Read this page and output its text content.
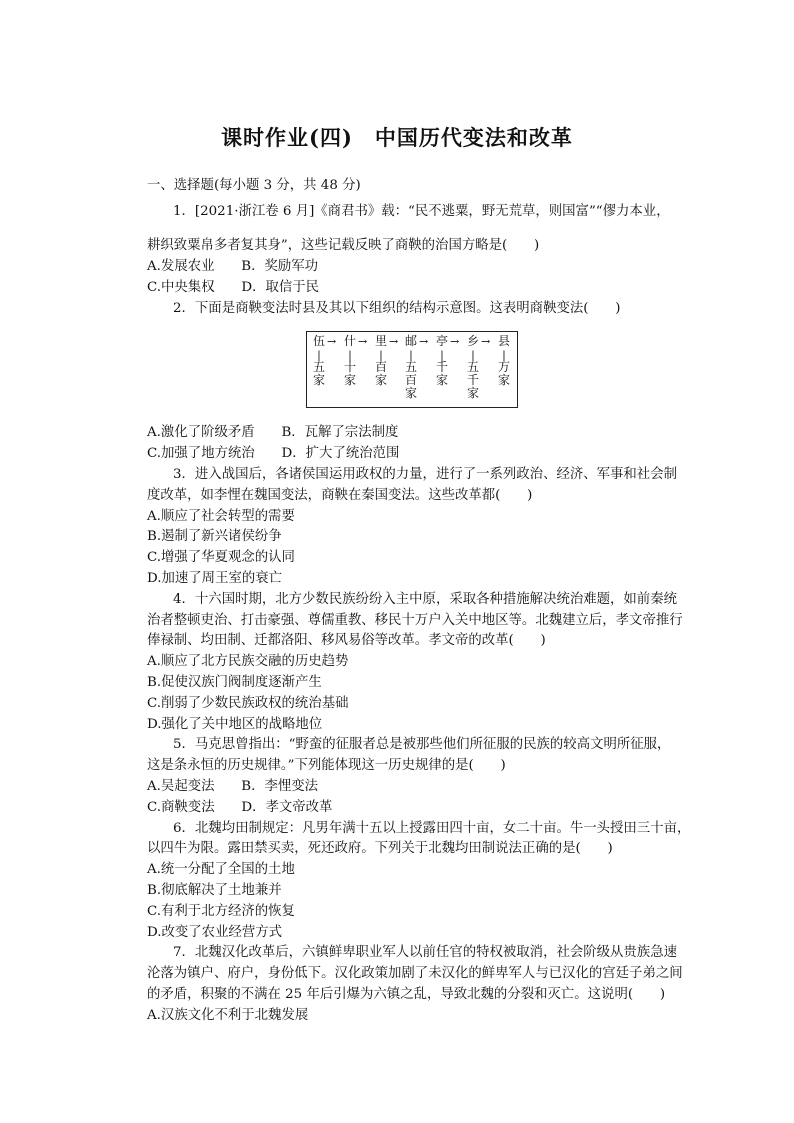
课时作业(四)　中国历代变法和改革
一、选择题(每小题 3 分，共 48 分)
1．[2021·浙江卷 6 月]《商君书》载：“民不逃粟，野无荒草，则国富”“僇力本业，
耕织致粟帛多者复其身”，这些记载反映了商鞅的治国方略是(　　)
A.发展农业　　B．奖励军功
C.中央集权　　D．取信于民
2．下面是商鞅变法时县及其以下组织的结构示意图。这表明商鞅变法(　　)
伍
|
五
家
→ 什
|
十
家
→ 里
|
百
家
→ 邮
|
五
百
家
→ 亭
|
千
家
→ 乡
|
五
千
家
→ 县
|
万
家
A.激化了阶级矛盾　　B．瓦解了宗法制度
C.加强了地方统治　　D．扩大了统治范围
3．进入战国后，各诸侯国运用政权的力量，进行了一系列政治、经济、军事和社会制
度改革，如李悝在魏国变法，商鞅在秦国变法。这些改革都(　　)
A.顺应了社会转型的需要
B.遏制了新兴诸侯纷争
C.增强了华夏观念的认同
D.加速了周王室的衰亡
4．十六国时期，北方少数民族纷纷入主中原，采取各种措施解决统治难题，如前秦统
治者整顿吏治、打击豪强、尊儒重教、移民十万户入关中地区等。北魏建立后，孝文帝推行
俸禄制、均田制、迁都洛阳、移风易俗等改革。孝文帝的改革(　　)
A.顺应了北方民族交融的历史趋势
B.促使汉族门阀制度逐渐产生
C.削弱了少数民族政权的统治基础
D.强化了关中地区的战略地位
5．马克思曾指出：“野蛮的征服者总是被那些他们所征服的民族的较高文明所征服，
这是条永恒的历史规律。”下列能体现这一历史规律的是(　　)
A.吴起变法　　B．李悝变法
C.商鞅变法　　D．孝文帝改革
6．北魏均田制规定：凡男年满十五以上授露田四十亩，女二十亩。牛一头授田三十亩，
以四牛为限。露田禁买卖，死还政府。下列关于北魏均田制说法正确的是(　　)
A.统一分配了全国的土地
B.彻底解决了土地兼并
C.有利于北方经济的恢复
D.改变了农业经营方式
7．北魏汉化改革后，六镇鲜卑职业军人以前任官的特权被取消，社会阶级从贵族急速
沦落为镇户、府户，身份低下。汉化政策加剧了未汉化的鲜卑军人与已汉化的宫廷子弟之间
的矛盾，积聚的不满在 25 年后引爆为六镇之乱，导致北魏的分裂和灭亡。这说明(　　)
A.汉族文化不利于北魏发展
